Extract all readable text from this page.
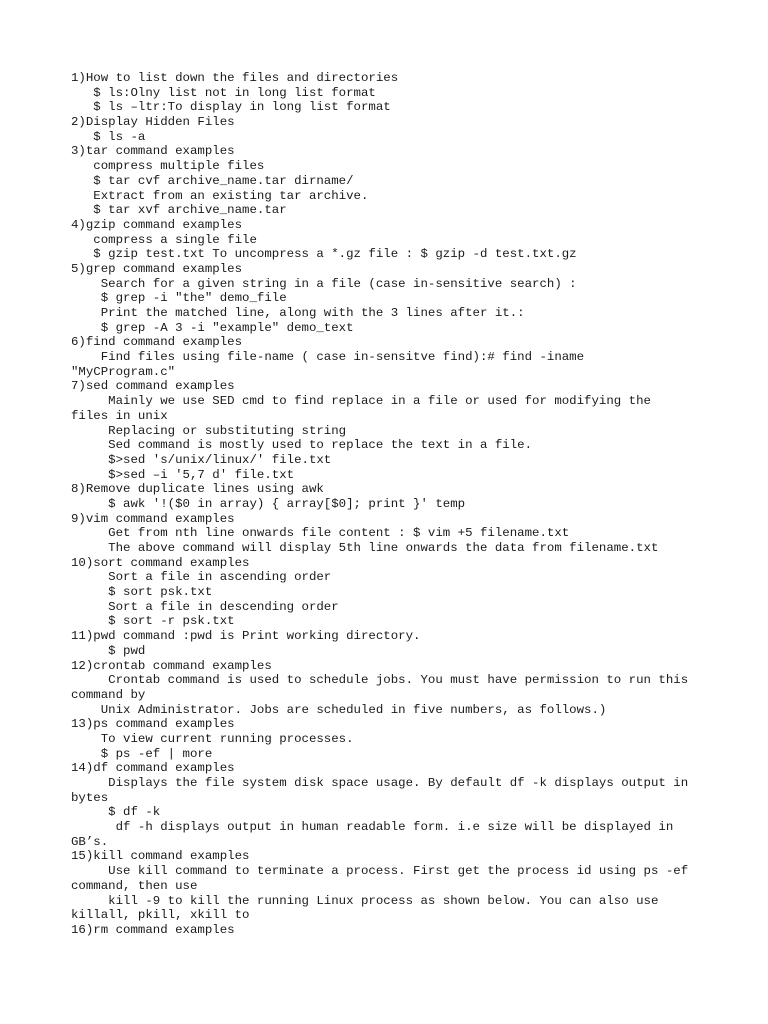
1)How to list down the files and directories
$ ls:Olny list not in long list format
$ ls –ltr:To display in long list format
2)Display Hidden Files
$ ls -a
3)tar command examples
compress multiple files
$ tar cvf archive_name.tar dirname/
Extract from an existing tar archive.
$ tar xvf archive_name.tar
4)gzip command examples
compress a single file
$ gzip test.txt To uncompress a *.gz file : $ gzip -d test.txt.gz
5)grep command examples
Search for a given string in a file (case in-sensitive search) :
$ grep -i "the" demo_file
Print the matched line, along with the 3 lines after it.:
$ grep -A 3 -i "example" demo_text
6)find command examples
Find files using file-name ( case in-sensitve find):# find -iname
"MyCProgram.c"
7)sed command examples
Mainly we use SED cmd to find replace in a file or used for modifying the
files in unix
Replacing or substituting string
Sed command is mostly used to replace the text in a file.
$>sed 's/unix/linux/' file.txt
$>sed –i '5,7 d' file.txt
8)Remove duplicate lines using awk
$ awk '!($0 in array) { array[$0]; print }' temp
9)vim command examples
Get from nth line onwards file content : $ vim +5 filename.txt
The above command will display 5th line onwards the data from filename.txt
10)sort command examples
Sort a file in ascending order
$ sort psk.txt
Sort a file in descending order
$ sort -r psk.txt
11)pwd command :pwd is Print working directory.
$ pwd
12)crontab command examples
Crontab command is used to schedule jobs. You must have permission to run this
command by
Unix Administrator. Jobs are scheduled in five numbers, as follows.)
13)ps command examples
To view current running processes.
$ ps -ef | more
14)df command examples
Displays the file system disk space usage. By default df -k displays output in
bytes
$ df -k
df -h displays output in human readable form. i.e size will be displayed in
GB’s.
15)kill command examples
Use kill command to terminate a process. First get the process id using ps -ef
command, then use
kill -9 to kill the running Linux process as shown below. You can also use
killall, pkill, xkill to
16)rm command examples
